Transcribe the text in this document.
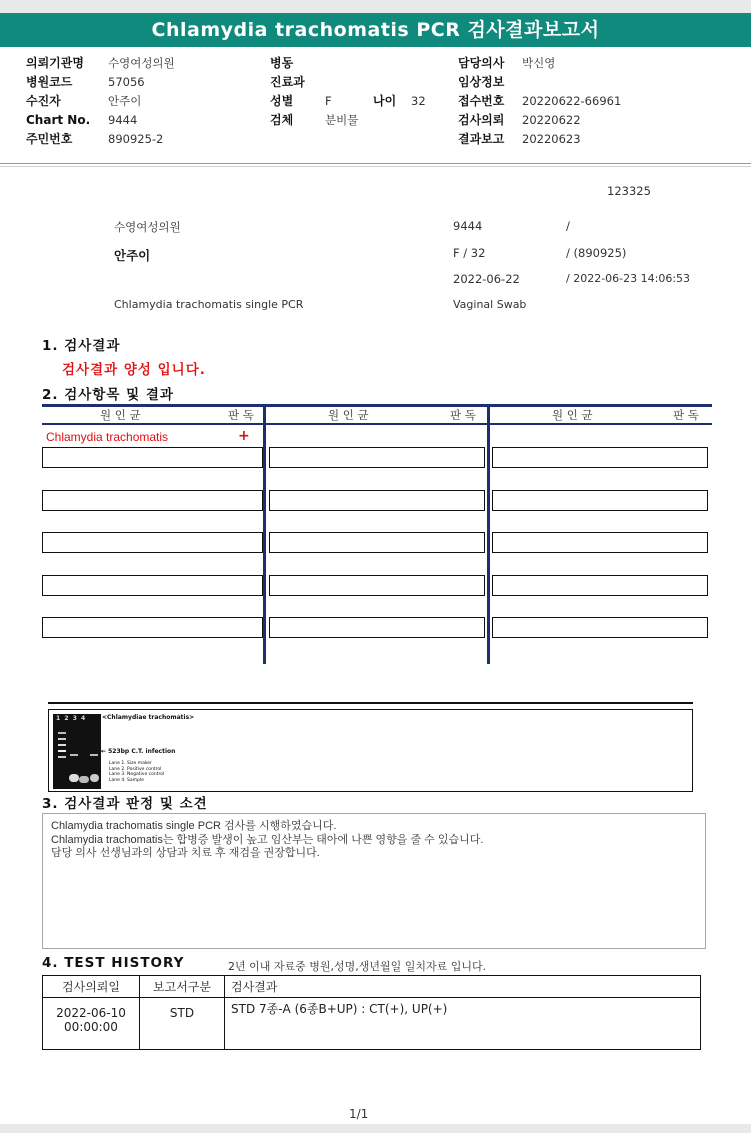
Chlamydia trachomatis PCR 검사결과보고서
의뢰기관명 수영여성의원
병원코드	57056
수진자	안주이
Chart No. 9444
주민번호	890925-2
병동
진료과
성별	F	나이 32
검체	분비물
담당의사 박신영
임상정보
접수번호 20220622-66961
검사의뢰 20220622
결과보고 20220623
123325
수영여성의원	9444	/
안주이	F / 32	/ (890925)
2022-06-22	/ 2022-06-23 14:06:53
Chlamydia trachomatis single PCR	Vaginal Swab
1. 검사결과
검사결과 양성 입니다.
2. 검사항목 및 결과
원 인 균	판 독	원 인 균	판 독	원 인 균	판 독
Chlamydia trachomatis	+
1  2  3  4	<Chlamydiae trachomatis>
← 523bp C.T. infection
Lane 1. Size maker
Lane 2. Positive control
Lane 3. Negative control
Lane 4. Sample
3. 검사결과 판정 및 소견
Chlamydia trachomatis single PCR 검사를 시행하였습니다.
Chlamydia trachomatis는 합병증 발생이 높고 임산부는 태아에 나쁜 영향을 줄 수 있습니다.
담당 의사 선생님과의 상담과 치료 후 재검을 권장합니다.
4. TEST HISTORY	2년 이내 자료중 병원,성명,생년월일 일치자료 입니다.
검사의뢰일	보고서구분	검사결과

2022-06-10
00:00:00	STD	STD 7종-A (6종B+UP) : CT(+), UP(+)
1/1
